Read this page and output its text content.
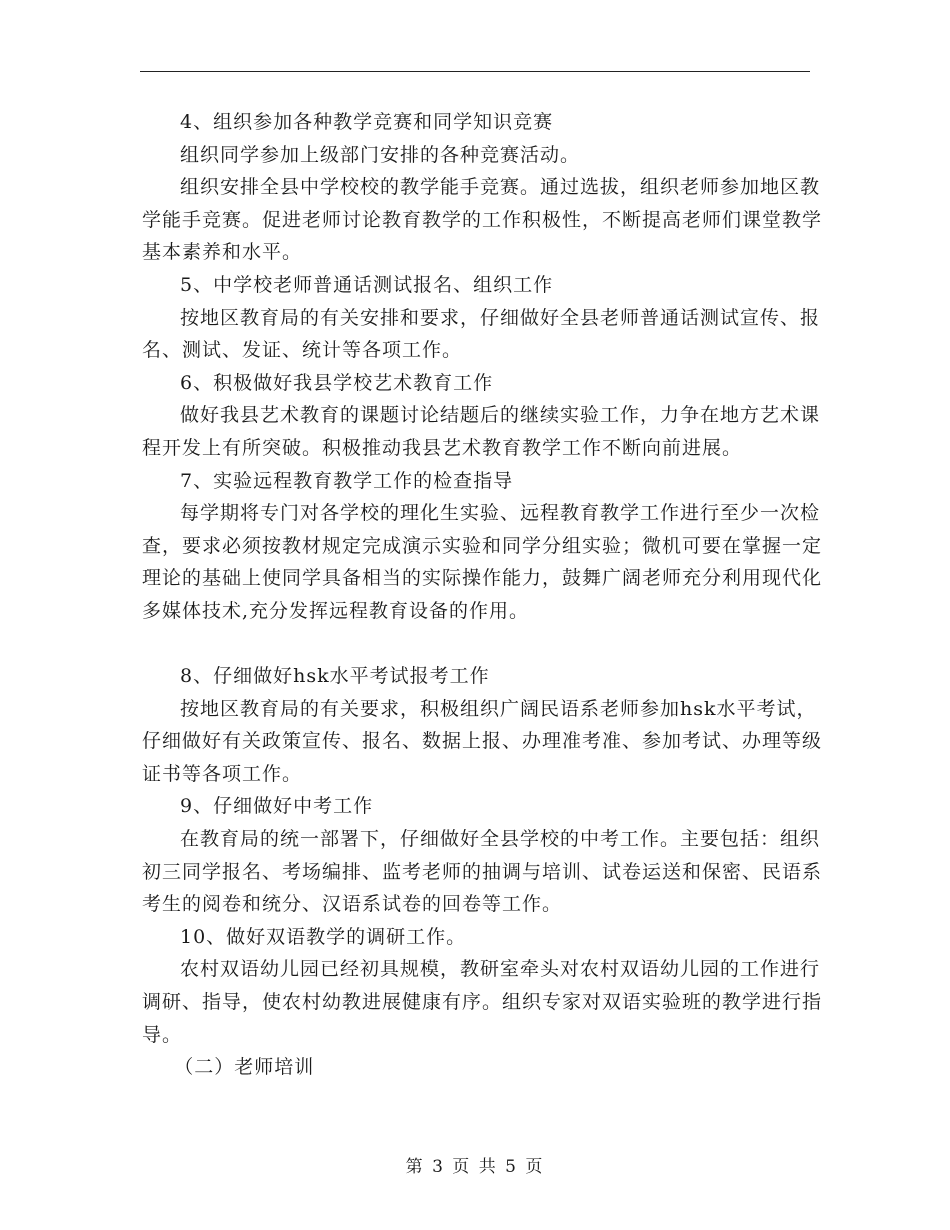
4、组织参加各种教学竞赛和同学知识竞赛

组织同学参加上级部门安排的各种竞赛活动。

组织安排全县中学校校的教学能手竞赛。通过选拔，组织老师参加地区教学能手竞赛。促进老师讨论教育教学的工作积极性，不断提高老师们课堂教学基本素养和水平。

5、中学校老师普通话测试报名、组织工作

按地区教育局的有关安排和要求，仔细做好全县老师普通话测试宣传、报名、测试、发证、统计等各项工作。

6、积极做好我县学校艺术教育工作

做好我县艺术教育的课题讨论结题后的继续实验工作，力争在地方艺术课程开发上有所突破。积极推动我县艺术教育教学工作不断向前进展。

7、实验远程教育教学工作的检查指导

每学期将专门对各学校的理化生实验、远程教育教学工作进行至少一次检查，要求必须按教材规定完成演示实验和同学分组实验；微机可要在掌握一定理论的基础上使同学具备相当的实际操作能力，鼓舞广阔老师充分利用现代化多媒体技术,充分发挥远程教育设备的作用。

8、仔细做好hsk水平考试报考工作

按地区教育局的有关要求，积极组织广阔民语系老师参加hsk水平考试，仔细做好有关政策宣传、报名、数据上报、办理准考准、参加考试、办理等级证书等各项工作。

9、仔细做好中考工作

在教育局的统一部署下，仔细做好全县学校的中考工作。主要包括：组织初三同学报名、考场编排、监考老师的抽调与培训、试卷运送和保密、民语系考生的阅卷和统分、汉语系试卷的回卷等工作。

10、做好双语教学的调研工作。

农村双语幼儿园已经初具规模，教研室牵头对农村双语幼儿园的工作进行调研、指导，使农村幼教进展健康有序。组织专家对双语实验班的教学进行指导。

（二）老师培训

第 3 页 共 5 页
